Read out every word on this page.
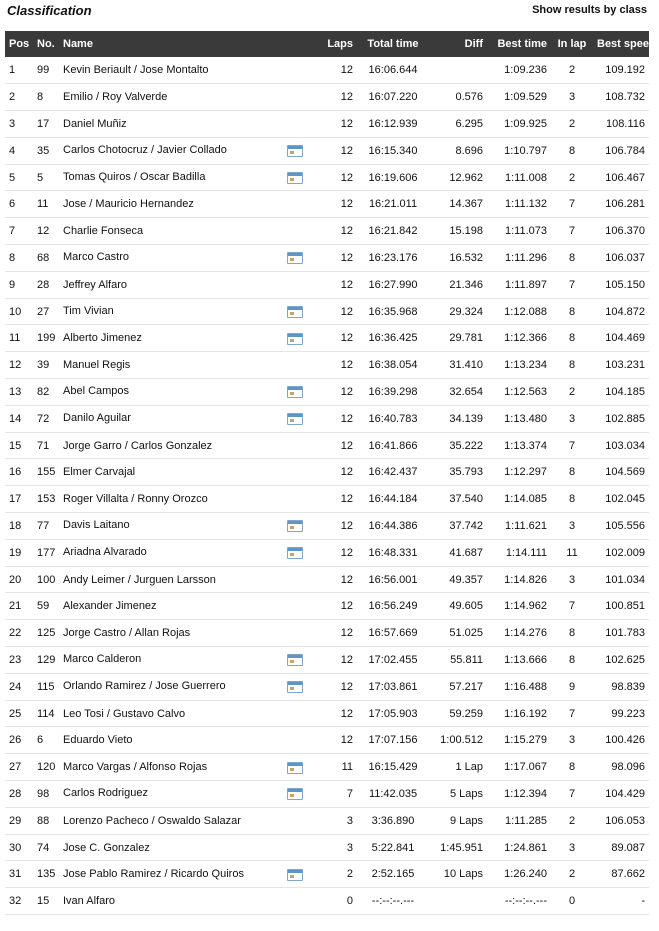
Classification	Show results by class
Pos	No.	Name	Laps	Total time	Diff	Best time	In lap	Best speed
1	99	Kevin Beriault / Jose Montalto	12	16:06.644		1:09.236	2	109.192
2	8	Emilio / Roy Valverde	12	16:07.220	0.576	1:09.529	3	108.732
3	17	Daniel Muñiz	12	16:12.939	6.295	1:09.925	2	108.116
4	35	Carlos Chotocruz / Javier Collado	12	16:15.340	8.696	1:10.797	8	106.784
5	5	Tomas Quiros / Oscar Badilla	12	16:19.606	12.962	1:11.008	2	106.467
6	11	Jose / Mauricio Hernandez	12	16:21.011	14.367	1:11.132	7	106.281
7	12	Charlie Fonseca	12	16:21.842	15.198	1:11.073	7	106.370
8	68	Marco Castro	12	16:23.176	16.532	1:11.296	8	106.037
9	28	Jeffrey Alfaro	12	16:27.990	21.346	1:11.897	7	105.150
10	27	Tim Vivian	12	16:35.968	29.324	1:12.088	8	104.872
11	199	Alberto Jimenez	12	16:36.425	29.781	1:12.366	8	104.469
12	39	Manuel Regis	12	16:38.054	31.410	1:13.234	8	103.231
13	82	Abel Campos	12	16:39.298	32.654	1:12.563	2	104.185
14	72	Danilo Aguilar	12	16:40.783	34.139	1:13.480	3	102.885
15	71	Jorge Garro / Carlos Gonzalez	12	16:41.866	35.222	1:13.374	7	103.034
16	155	Elmer Carvajal	12	16:42.437	35.793	1:12.297	8	104.569
17	153	Roger Villalta / Ronny Orozco	12	16:44.184	37.540	1:14.085	8	102.045
18	77	Davis Laitano	12	16:44.386	37.742	1:11.621	3	105.556
19	177	Ariadna Alvarado	12	16:48.331	41.687	1:14.111	11	102.009
20	100	Andy Leimer / Jurguen Larsson	12	16:56.001	49.357	1:14.826	3	101.034
21	59	Alexander Jimenez	12	16:56.249	49.605	1:14.962	7	100.851
22	125	Jorge Castro / Allan Rojas	12	16:57.669	51.025	1:14.276	8	101.783
23	129	Marco Calderon	12	17:02.455	55.811	1:13.666	8	102.625
24	115	Orlando Ramirez / Jose Guerrero	12	17:03.861	57.217	1:16.488	9	98.839
25	114	Leo Tosi / Gustavo Calvo	12	17:05.903	59.259	1:16.192	7	99.223
26	6	Eduardo Vieto	12	17:07.156	1:00.512	1:15.279	3	100.426
27	120	Marco Vargas / Alfonso Rojas	11	16:15.429	1 Lap	1:17.067	8	98.096
28	98	Carlos Rodriguez	7	11:42.035	5 Laps	1:12.394	7	104.429
29	88	Lorenzo Pacheco / Oswaldo Salazar	3	3:36.890	9 Laps	1:11.285	2	106.053
30	74	Jose C. Gonzalez	3	5:22.841	1:45.951	1:24.861	3	89.087
31	135	Jose Pablo Ramirez / Ricardo Quiros	2	2:52.165	10 Laps	1:26.240	2	87.662
32	15	Ivan Alfaro	0	--:--:--.---		--:--:--.---	0	-
